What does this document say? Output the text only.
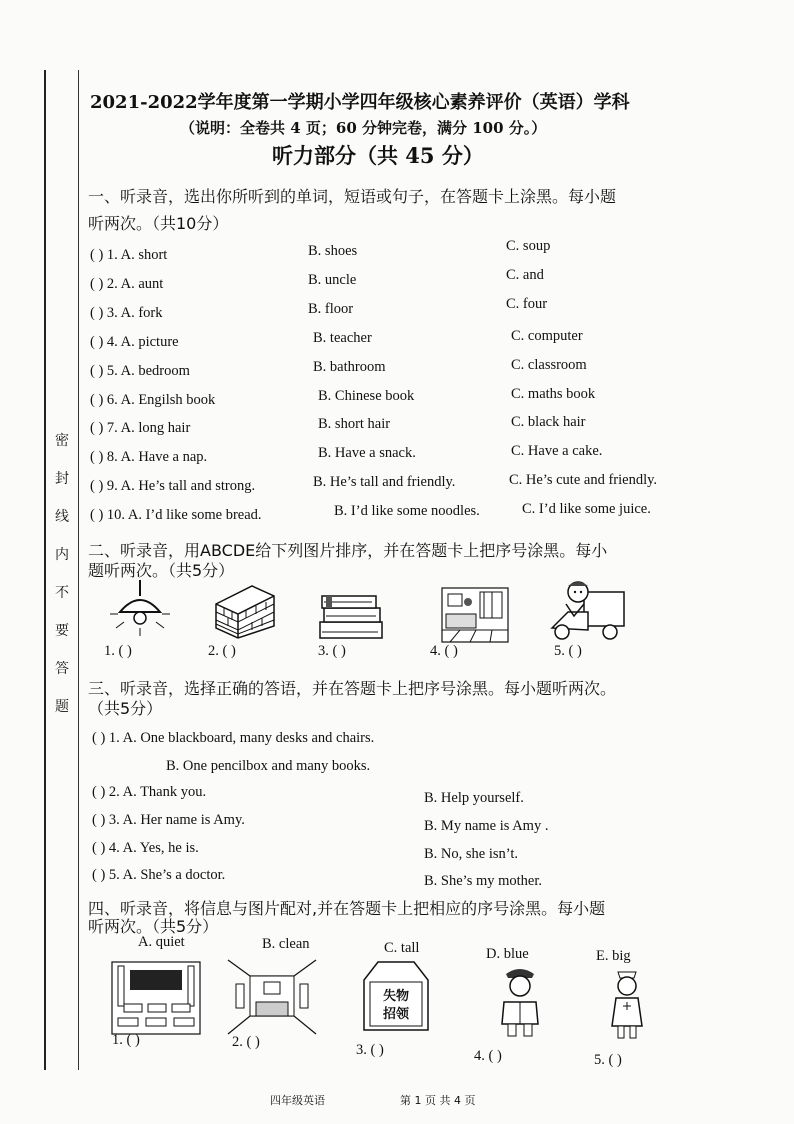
密封线内不要答题
2021-2022学年度第一学期小学四年级核心素养评价（英语）学科
（说明：全卷共 4 页；60 分钟完卷，满分 100 分。）
听力部分（共 45 分）
一、听录音，选出你所听到的单词，短语或句子，在答题卡上涂黑。每小题
听两次。（共10分）
( ) 1. A. short	B. shoes	C. soup
( ) 2. A. aunt	B. uncle	C. and
( ) 3. A. fork	B. floor	C. four
( ) 4. A. picture	B. teacher	C. computer
( ) 5. A. bedroom	B. bathroom	C. classroom
( ) 6. A. Engilsh book	B. Chinese book	C. maths book
( ) 7. A. long hair	B. short hair	C. black hair
( ) 8. A. Have a nap.	B. Have a snack.	C. Have a cake.
( ) 9. A. He’s tall and strong.	B. He’s tall and friendly.	C. He’s cute and friendly.
( ) 10. A. I’d like some bread.	B. I’d like some noodles.	C. I’d like some juice.
二、听录音，用ABCDE给下列图片排序，并在答题卡上把序号涂黑。每小
题听两次。（共5分）
1. ( )	2. ( )	3. ( )	4. ( )	5. ( )
三、听录音，选择正确的答语，并在答题卡上把序号涂黑。每小题听两次。
（共5分）
( ) 1. A. One blackboard, many desks and chairs.
B. One pencilbox and many books.
( ) 2. A. Thank you.	B. Help yourself.
( ) 3. A. Her name is Amy.	B. My name is Amy .
( ) 4. A. Yes, he is.	B. No, she isn’t.
( ) 5. A. She’s a doctor.	B. She’s my mother.
四、听录音，将信息与图片配对,并在答题卡上把相应的序号涂黑。每小题
听两次。（共5分）
A. quiet	B. clean	C. tall	D. blue	E. big
失物
招领
1. ( )	2. ( )	3. ( )	4. ( )	5. ( )
四年级英语	第 1 页 共 4 页
